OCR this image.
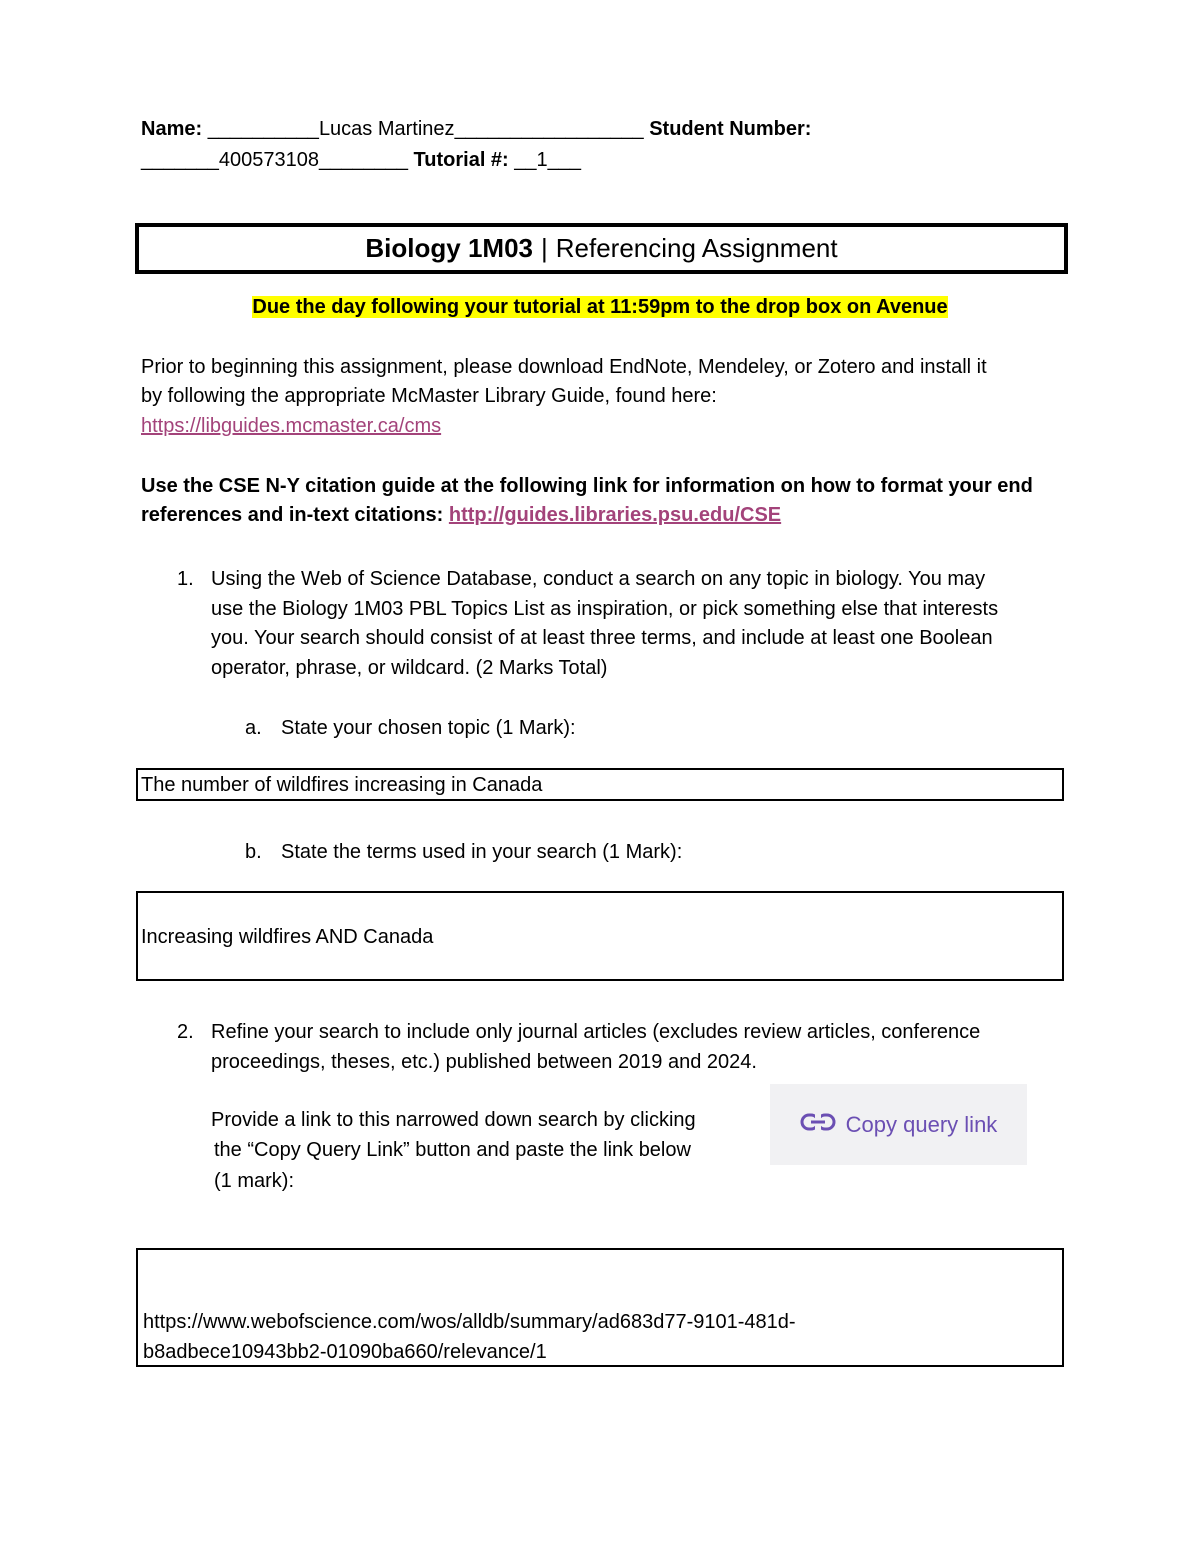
Name: __________Lucas Martinez_________________ Student Number:
_______400573108________ Tutorial #: __1___
Biology 1M03 | Referencing Assignment
Due the day following your tutorial at 11:59pm to the drop box on Avenue
Prior to beginning this assignment, please download EndNote, Mendeley, or Zotero and install it
by following the appropriate McMaster Library Guide, found here:
https://libguides.mcmaster.ca/cms
Use the CSE N-Y citation guide at the following link for information on how to format your end
references and in-text citations: http://guides.libraries.psu.edu/CSE
1. Using the Web of Science Database, conduct a search on any topic in biology. You may
use the Biology 1M03 PBL Topics List as inspiration, or pick something else that interests
you. Your search should consist of at least three terms, and include at least one Boolean
operator, phrase, or wildcard. (2 Marks Total)
a. State your chosen topic (1 Mark):
The number of wildfires increasing in Canada
b. State the terms used in your search (1 Mark):
Increasing wildfires AND Canada
2. Refine your search to include only journal articles (excludes review articles, conference
proceedings, theses, etc.) published between 2019 and 2024.
Provide a link to this narrowed down search by clicking
the “Copy Query Link” button and paste the link below
(1 mark):
Copy query link
https://www.webofscience.com/wos/alldb/summary/ad683d77-9101-481d-
b8adbece10943bb2-01090ba660/relevance/1
